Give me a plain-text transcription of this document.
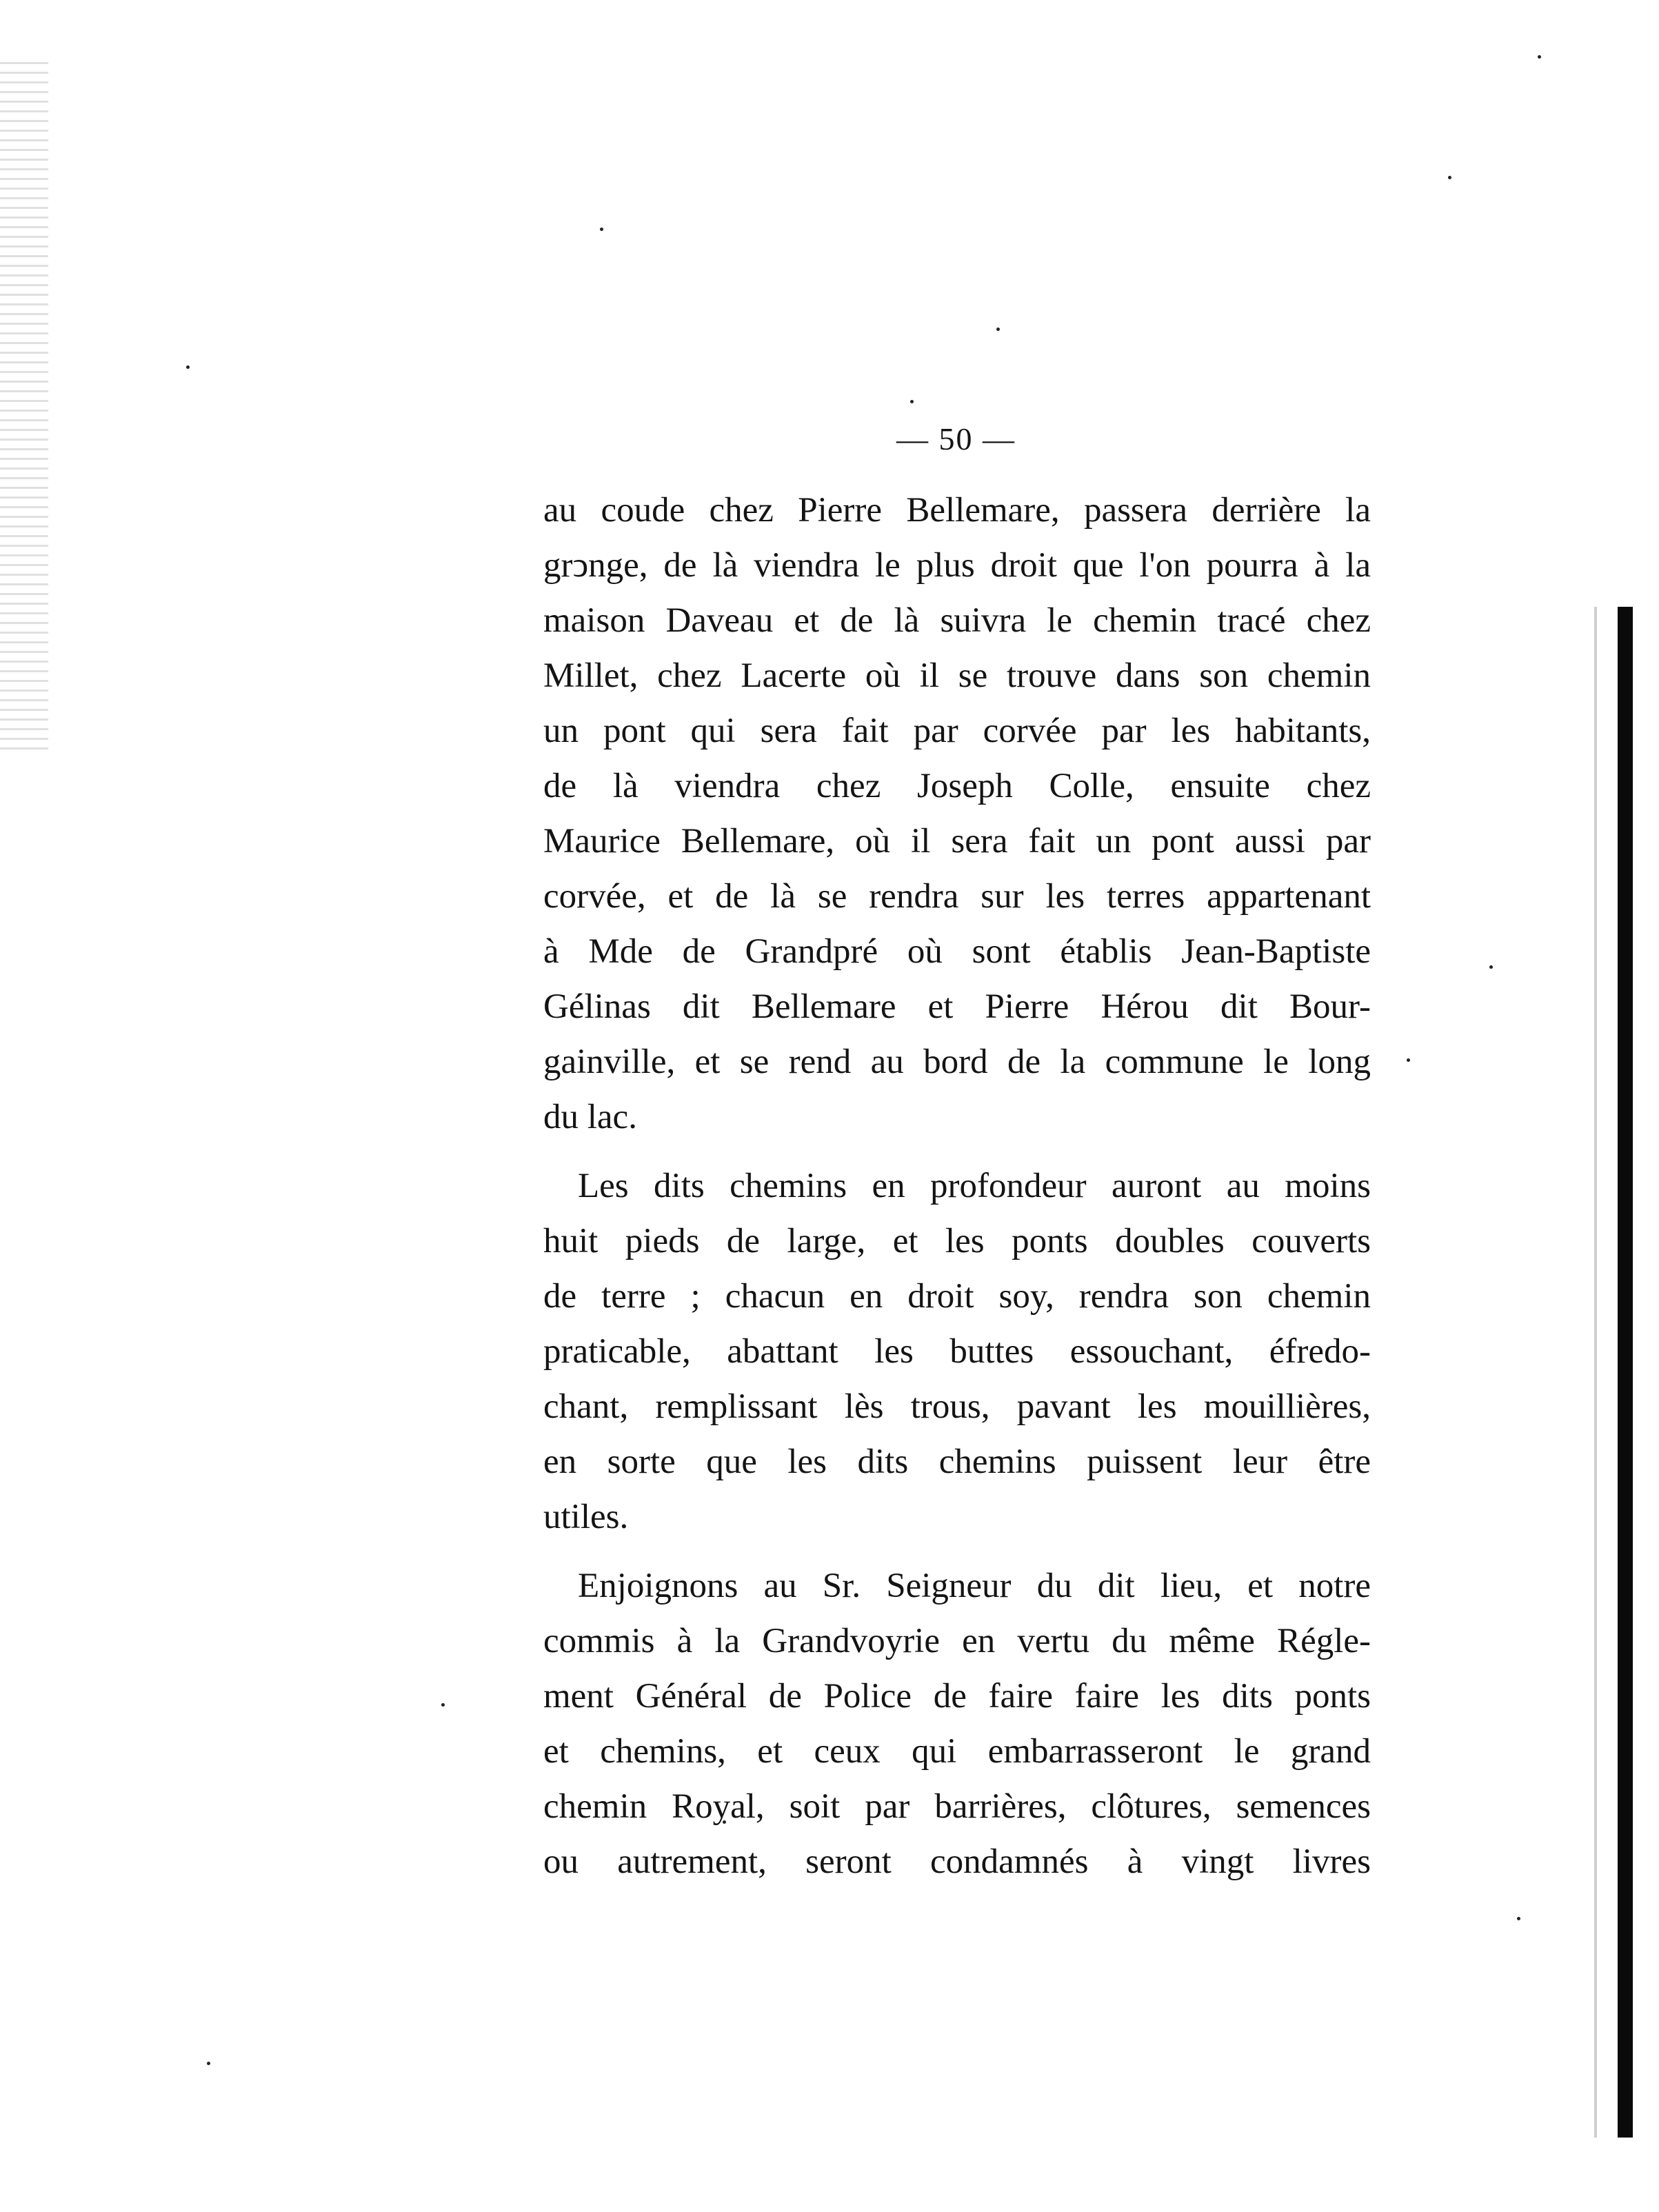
— 50 —
au coude chez Pierre Bellemare, passera derrière la
grↄnge, de là viendra le plus droit que l'on pourra à la
maison Daveau et de là suivra le chemin tracé chez
Millet, chez Lacerte où il se trouve dans son chemin
un pont qui sera fait par corvée par les habitants,
de là viendra chez Joseph Colle, ensuite chez
Maurice Bellemare, où il sera fait un pont aussi par
corvée, et de là se rendra sur les terres appartenant
à Mde de Grandpré où sont établis Jean-Baptiste
Gélinas dit Bellemare et Pierre Hérou dit Bour-
gainville, et se rend au bord de la commune le long
du lac.
Les dits chemins en profondeur auront au moins
huit pieds de large, et les ponts doubles couverts
de terre ; chacun en droit soy, rendra son chemin
praticable, abattant les buttes essouchant, éfredo-
chant, remplissant lès trous, pavant les mouillières,
en sorte que les dits chemins puissent leur être
utiles.
Enjoignons au Sr. Seigneur du dit lieu, et notre
commis à la Grandvoyrie en vertu du même Régle-
ment Général de Police de faire faire les dits ponts
et chemins, et ceux qui embarrasseront le grand
chemin Royal, soit par barrières, clôtures, semences
ou autrement, seront condamnés à vingt livres
